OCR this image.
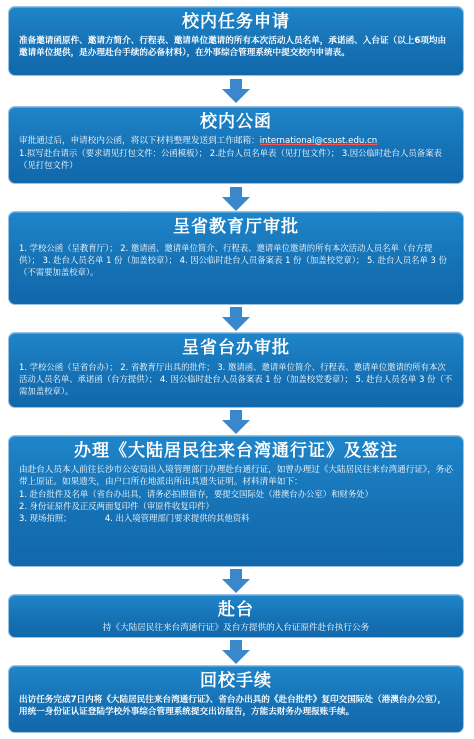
校内任务申请
准备邀请函原件、邀请方简介、行程表、邀请单位邀请的所有本次活动人员名单，承诺函、入台证（以上6项均由邀请单位提供，是办理赴台手续的必备材料），在外事综合管理系统中提交校内申请表。
校内公函
审批通过后，申请校内公函，将以下材料整理发送到工作邮箱：international@csust.edu.cn
1.拟写赴台请示（要求请见打包文件：公函模板）； 2.赴台人员名单表（见打包文件）； 3.因公临时赴台人员备案表（见打包文件）
呈省教育厅审批
1. 学校公函（呈教育厅）； 2. 邀请函、邀请单位简介、行程表、邀请单位邀请的所有本次活动人员名单（台方提供）； 3. 赴台人员名单 1 份（加盖校章）； 4. 因公临时赴台人员备案表 1 份（加盖校党章）； 5. 赴台人员名单 3 份（不需要加盖校章）。
呈省台办审批
1. 学校公函（呈省台办）； 2. 省教育厅出具的批件； 3. 邀请函、邀请单位简介、行程表、邀请单位邀请的所有本次活动人员名单、承诺函（台方提供）； 4. 因公临时赴台人员备案表 1 份（加盖校党委章）； 5. 赴台人员名单 3 份（不需加盖校章）。
办理《大陆居民往来台湾通行证》及签注
由赴台人员本人前往长沙市公安局出入境管理部门办理赴台通行证，如曾办理过《大陆居民往来台湾通行证》，务必带上原证。如果遗失，由户口所在地派出所出具遗失证明。材料清单如下：
1. 赴台批件及名单（省台办出具，请务必拍照留存，要提交国际处（港澳台办公室）和财务处）
2. 身份证原件及正反两面复印件（审原件收复印件）
3. 现场拍照；	4. 出入境管理部门要求提供的其他资料
赴台
持《大陆居民往来台湾通行证》及台方提供的入台证原件赴台执行公务
回校手续
出访任务完成7日内将《大陆居民往来台湾通行证》、省台办出具的《赴台批件》复印交国际处（港澳台办公室），用统一身份证认证登陆学校外事综合管理系统提交出访报告，方能去财务办理报账手续。
